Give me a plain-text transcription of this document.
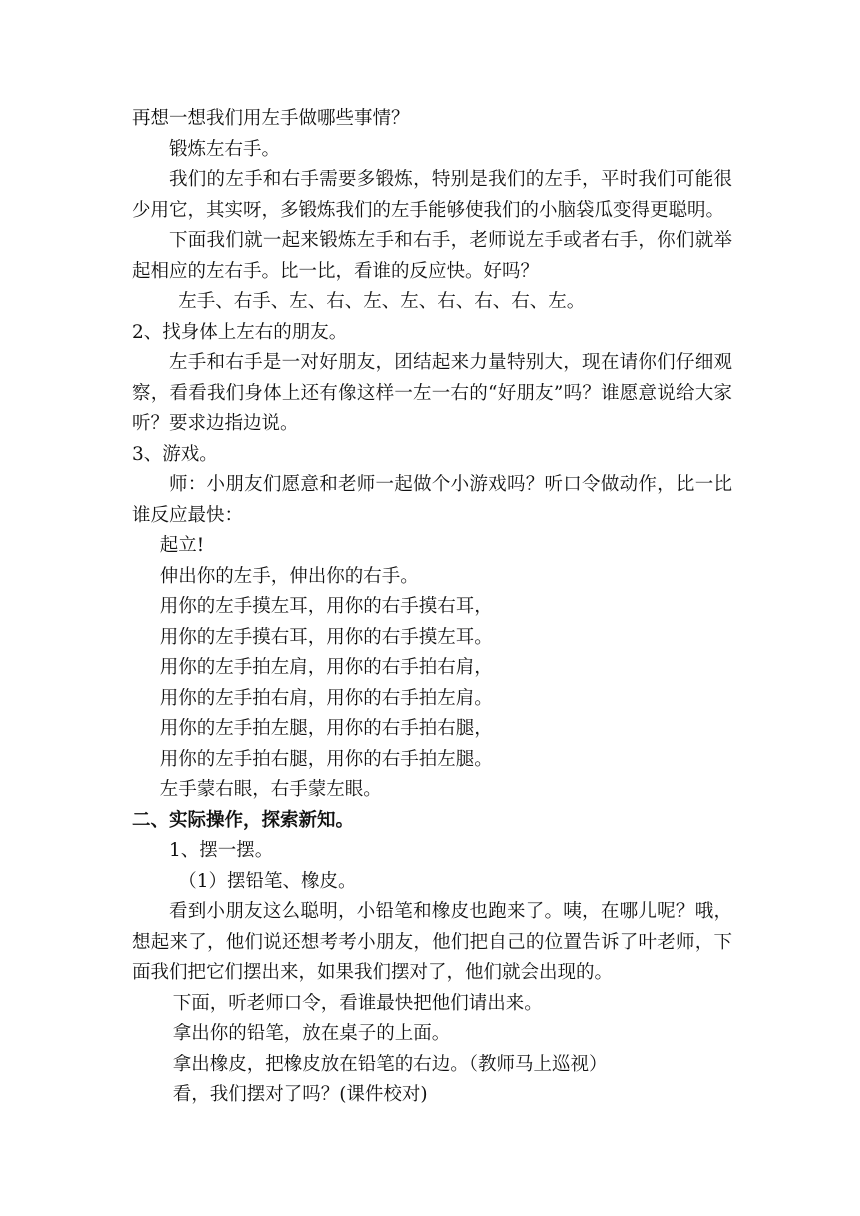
再想一想我们用左手做哪些事情？

锻炼左右手。

我们的左手和右手需要多锻炼，特别是我们的左手，平时我们可能很少用它，其实呀，多锻炼我们的左手能够使我们的小脑袋瓜变得更聪明。

下面我们就一起来锻炼左手和右手，老师说左手或者右手，你们就举起相应的左右手。比一比，看谁的反应快。好吗？

左手、右手、左、右、左、左、右、右、右、左。

2、找身体上左右的朋友。

左手和右手是一对好朋友，团结起来力量特别大，现在请你们仔细观察，看看我们身体上还有像这样一左一右的“好朋友”吗？谁愿意说给大家听？要求边指边说。

3、游戏。

师：小朋友们愿意和老师一起做个小游戏吗？听口令做动作，比一比谁反应最快：

起立!

伸出你的左手，伸出你的右手。

用你的左手摸左耳，用你的右手摸右耳，

用你的左手摸右耳，用你的右手摸左耳。

用你的左手拍左肩，用你的右手拍右肩，

用你的左手拍右肩，用你的右手拍左肩。

用你的左手拍左腿，用你的右手拍右腿，

用你的左手拍右腿，用你的右手拍左腿。

左手蒙右眼，右手蒙左眼。

二、实际操作，探索新知。

1、摆一摆。

（1）摆铅笔、橡皮。

看到小朋友这么聪明，小铅笔和橡皮也跑来了。咦，在哪儿呢？哦，想起来了，他们说还想考考小朋友，他们把自己的位置告诉了叶老师，下面我们把它们摆出来，如果我们摆对了，他们就会出现的。

下面，听老师口令，看谁最快把他们请出来。

拿出你的铅笔，放在桌子的上面。

拿出橡皮，把橡皮放在铅笔的右边。（教师马上巡视）

看，我们摆对了吗？(课件校对)
